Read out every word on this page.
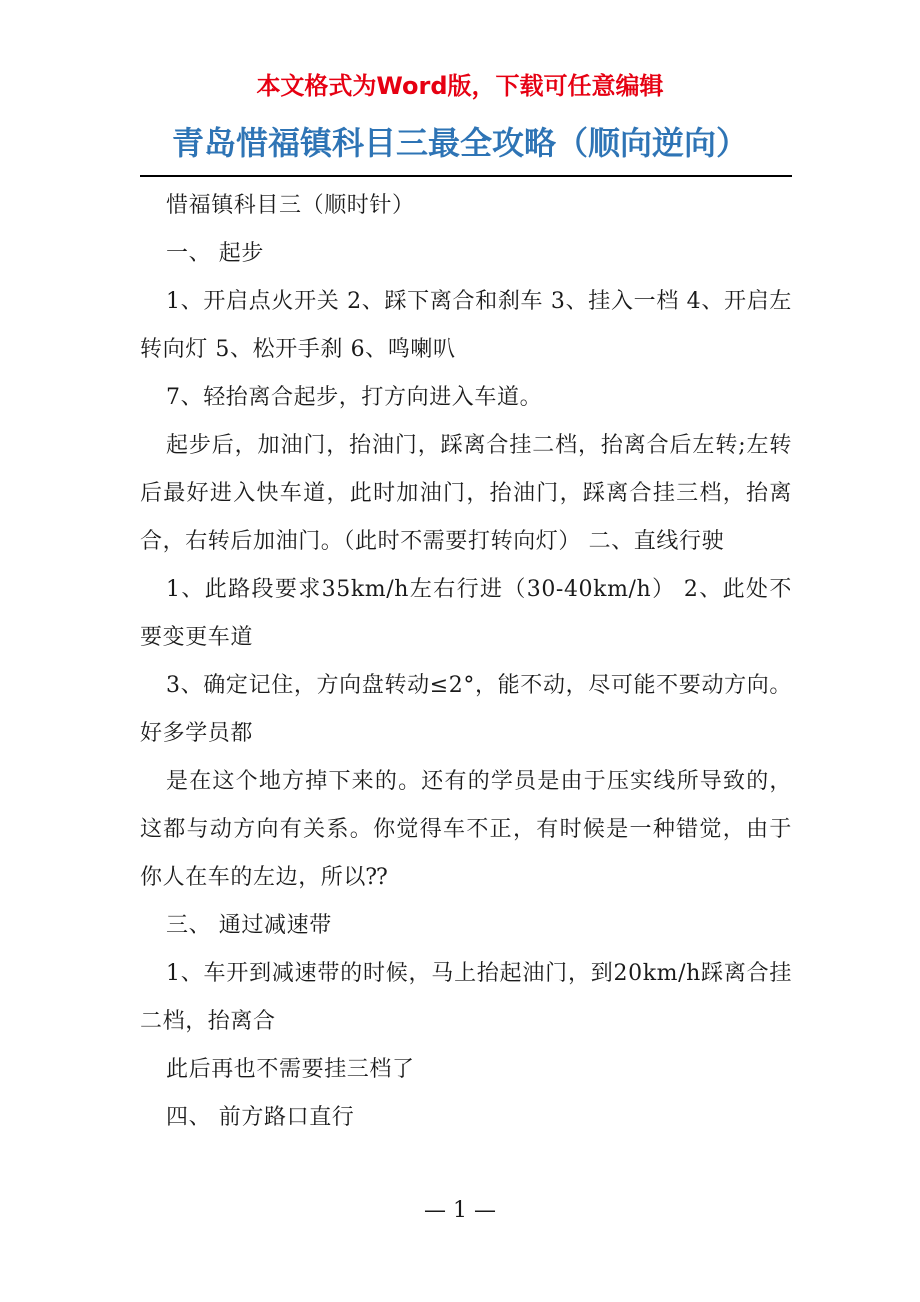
本文格式为Word版，下载可任意编辑
青岛惜福镇科目三最全攻略（顺向逆向）

惜福镇科目三（顺时针）

一、 起步

1、开启点火开关 2、踩下离合和刹车 3、挂入一档 4、开启左转向灯 5、松开手刹 6、鸣喇叭

7、轻抬离合起步，打方向进入车道。

起步后，加油门，抬油门，踩离合挂二档，抬离合后左转;左转后最好进入快车道，此时加油门，抬油门，踩离合挂三档，抬离合，右转后加油门。（此时不需要打转向灯） 二、直线行驶

1、此路段要求35km/h左右行进（30-40km/h） 2、此处不要变更车道

3、确定记住，方向盘转动≤2°，能不动，尽可能不要动方向。好多学员都

是在这个地方掉下来的。还有的学员是由于压实线所导致的，这都与动方向有关系。你觉得车不正，有时候是一种错觉，由于你人在车的左边，所以⁇

三、 通过减速带

1、车开到减速带的时候，马上抬起油门，到20km/h踩离合挂二档，抬离合

此后再也不需要挂三档了

四、 前方路口直行

— 1 —
